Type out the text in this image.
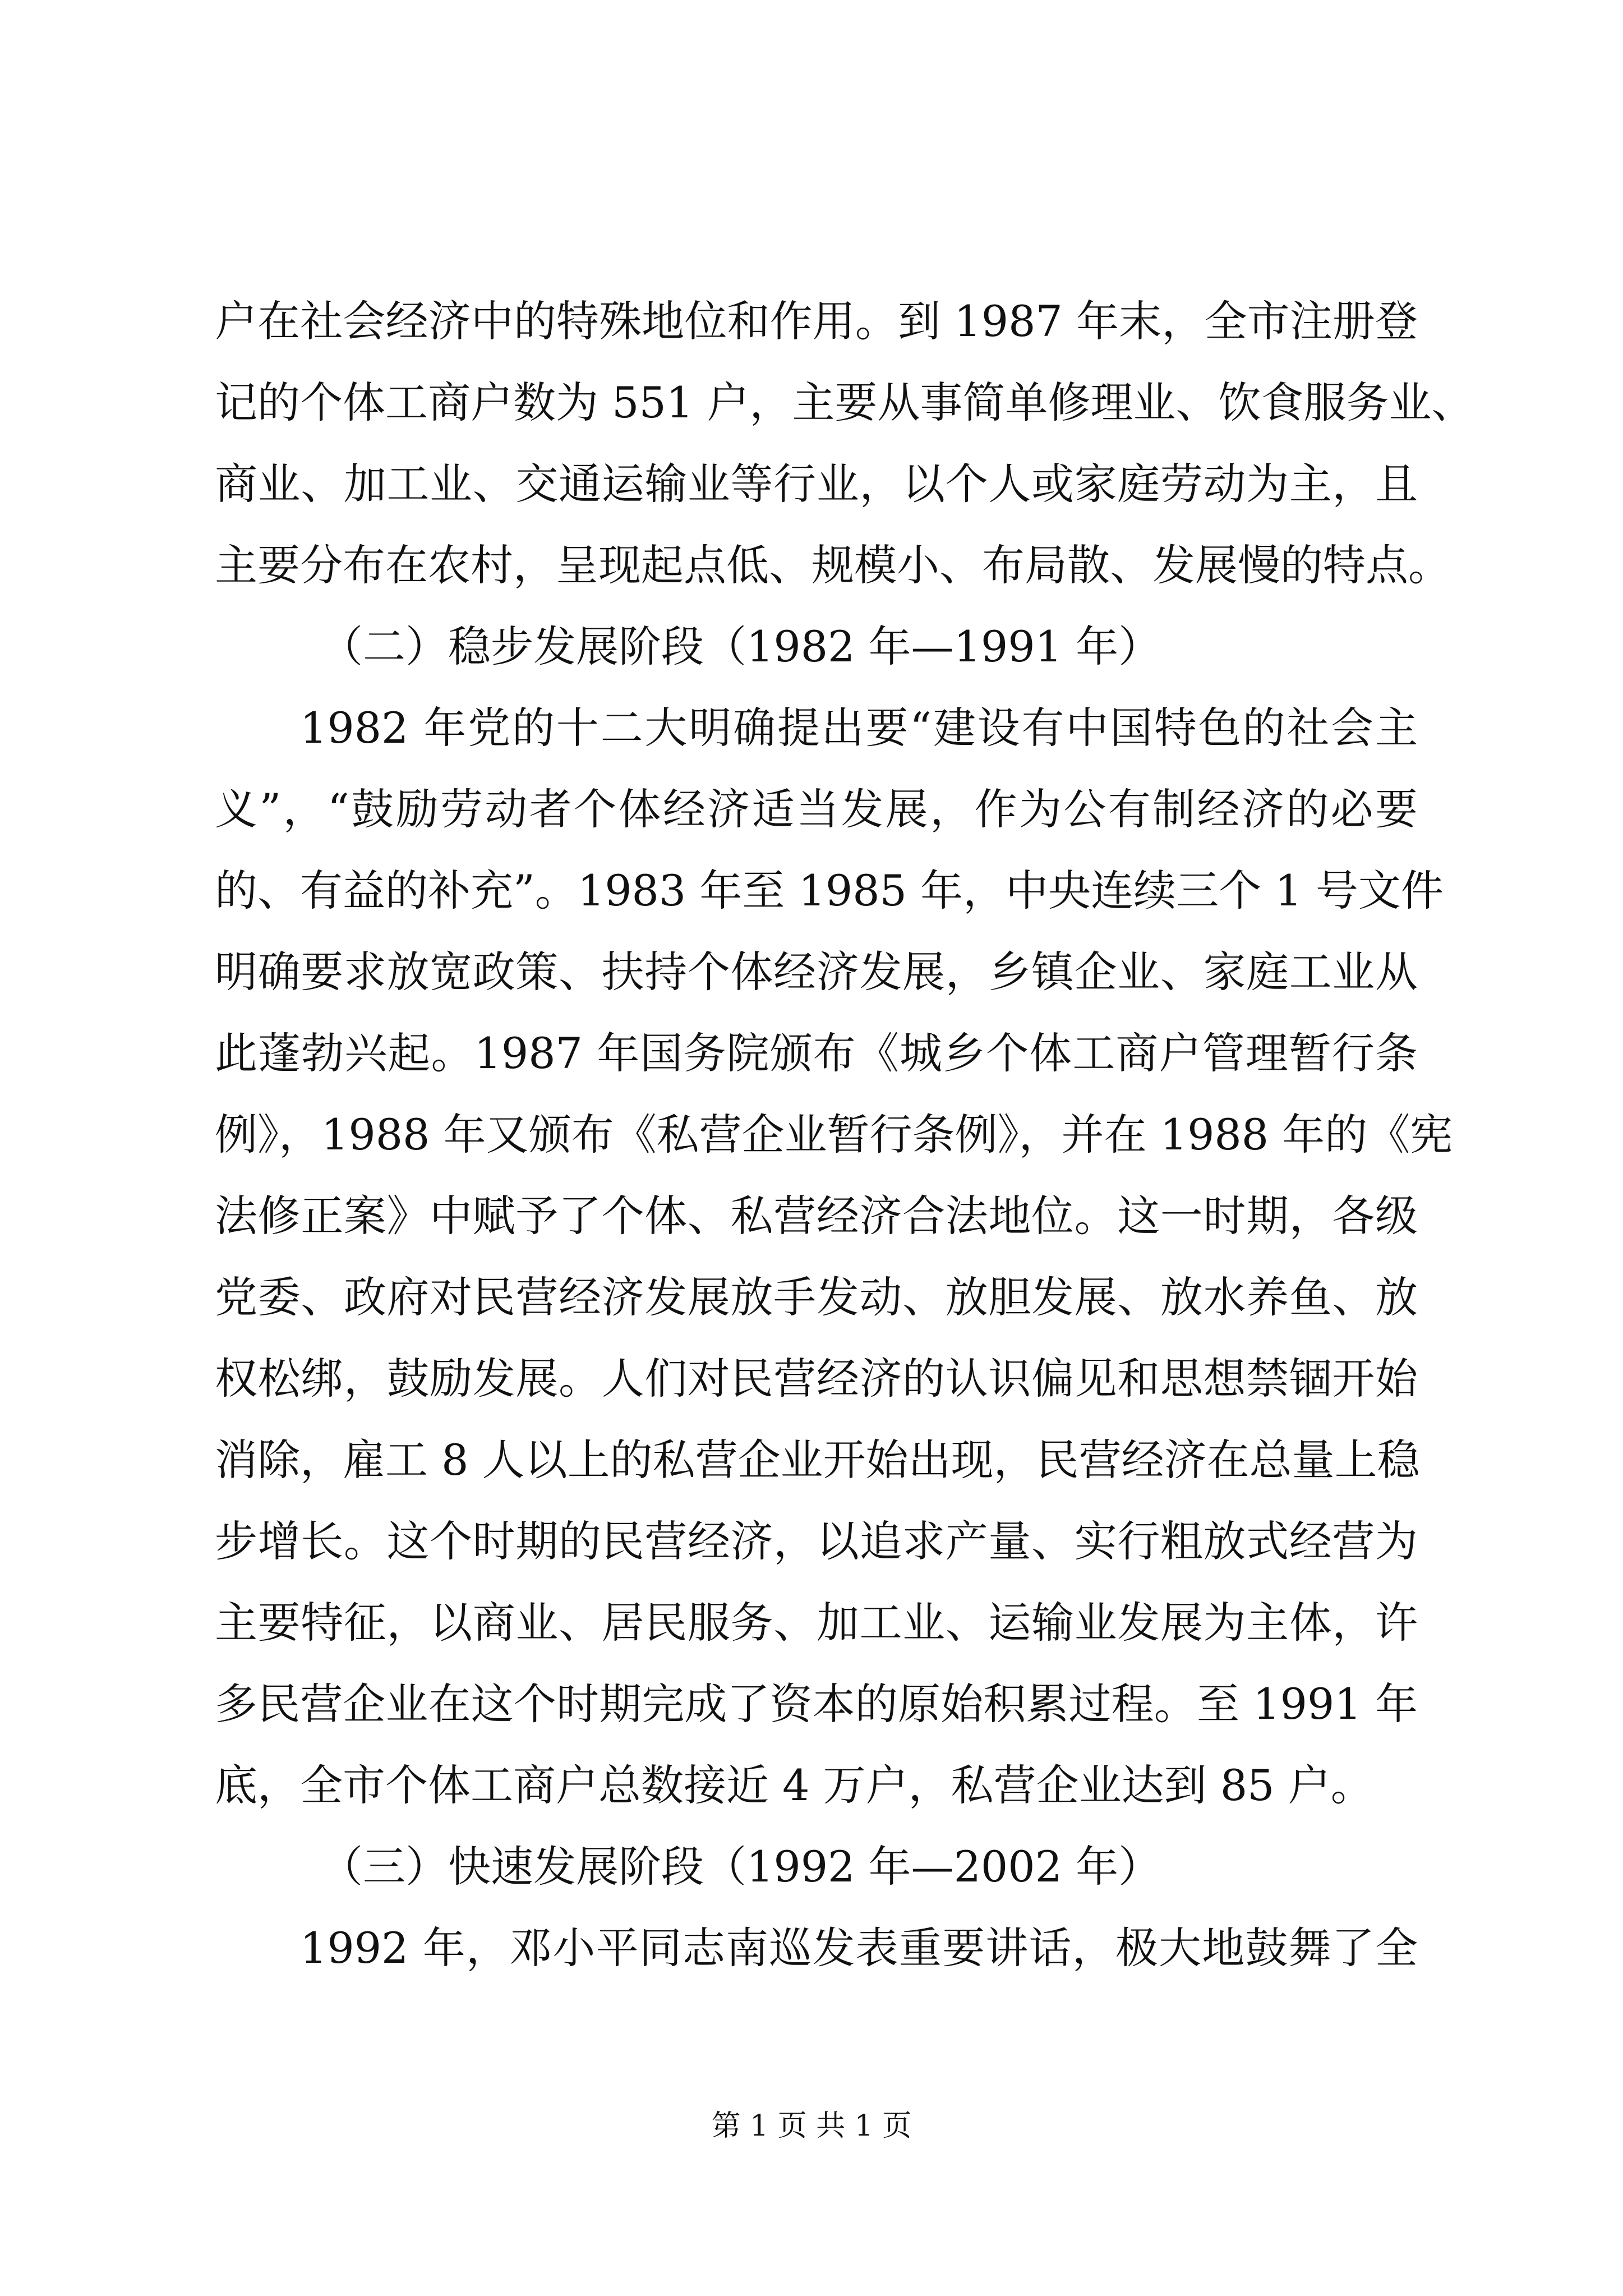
户在社会经济中的特殊地位和作用。到 1987 年末，全市注册登
记的个体工商户数为 551 户，主要从事简单修理业、饮食服务业、
商业、加工业、交通运输业等行业，以个人或家庭劳动为主，且
主要分布在农村，呈现起点低、规模小、布局散、发展慢的特点。
（二）稳步发展阶段（1982 年—1991 年）
1982 年党的十二大明确提出要“建设有中国特色的社会主
义”，“鼓励劳动者个体经济适当发展，作为公有制经济的必要
的、有益的补充”。1983 年至 1985 年，中央连续三个 1 号文件
明确要求放宽政策、扶持个体经济发展，乡镇企业、家庭工业从
此蓬勃兴起。1987 年国务院颁布《城乡个体工商户管理暂行条
例》，1988 年又颁布《私营企业暂行条例》，并在 1988 年的《宪
法修正案》中赋予了个体、私营经济合法地位。这一时期，各级
党委、政府对民营经济发展放手发动、放胆发展、放水养鱼、放
权松绑，鼓励发展。人们对民营经济的认识偏见和思想禁锢开始
消除，雇工 8 人以上的私营企业开始出现，民营经济在总量上稳
步增长。这个时期的民营经济，以追求产量、实行粗放式经营为
主要特征，以商业、居民服务、加工业、运输业发展为主体，许
多民营企业在这个时期完成了资本的原始积累过程。至 1991 年
底，全市个体工商户总数接近 4 万户，私营企业达到 85 户。
（三）快速发展阶段（1992 年—2002 年）
1992 年，邓小平同志南巡发表重要讲话，极大地鼓舞了全
第 1 页 共 1 页
